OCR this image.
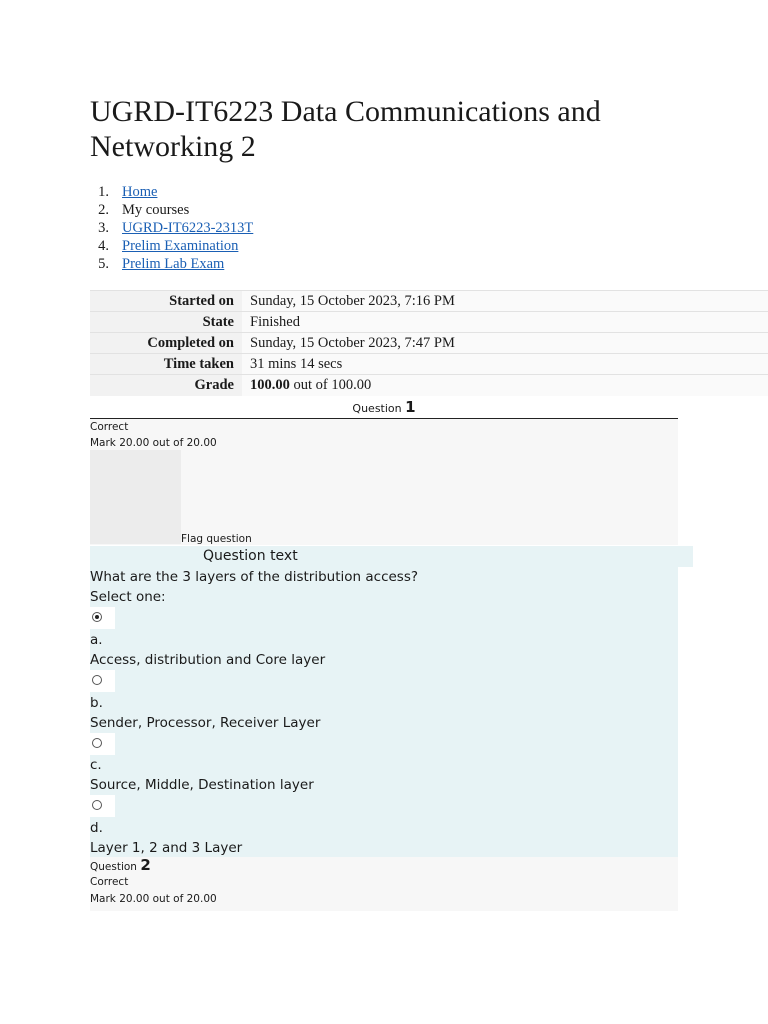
UGRD-IT6223 Data Communications and Networking 2
1. Home
2. My courses
3. UGRD-IT6223-2313T
4. Prelim Examination
5. Prelim Lab Exam
Started on	Sunday, 15 October 2023, 7:16 PM
State	Finished
Completed on	Sunday, 15 October 2023, 7:47 PM
Time taken	31 mins 14 secs
Grade	100.00 out of 100.00
Question 1
Correct
Mark 20.00 out of 20.00
Flag question
Question text
What are the 3 layers of the distribution access?
Select one:
a.
Access, distribution and Core layer
b.
Sender, Processor, Receiver Layer
c.
Source, Middle, Destination layer
d.
Layer 1, 2 and 3 Layer
Question 2
Correct
Mark 20.00 out of 20.00
